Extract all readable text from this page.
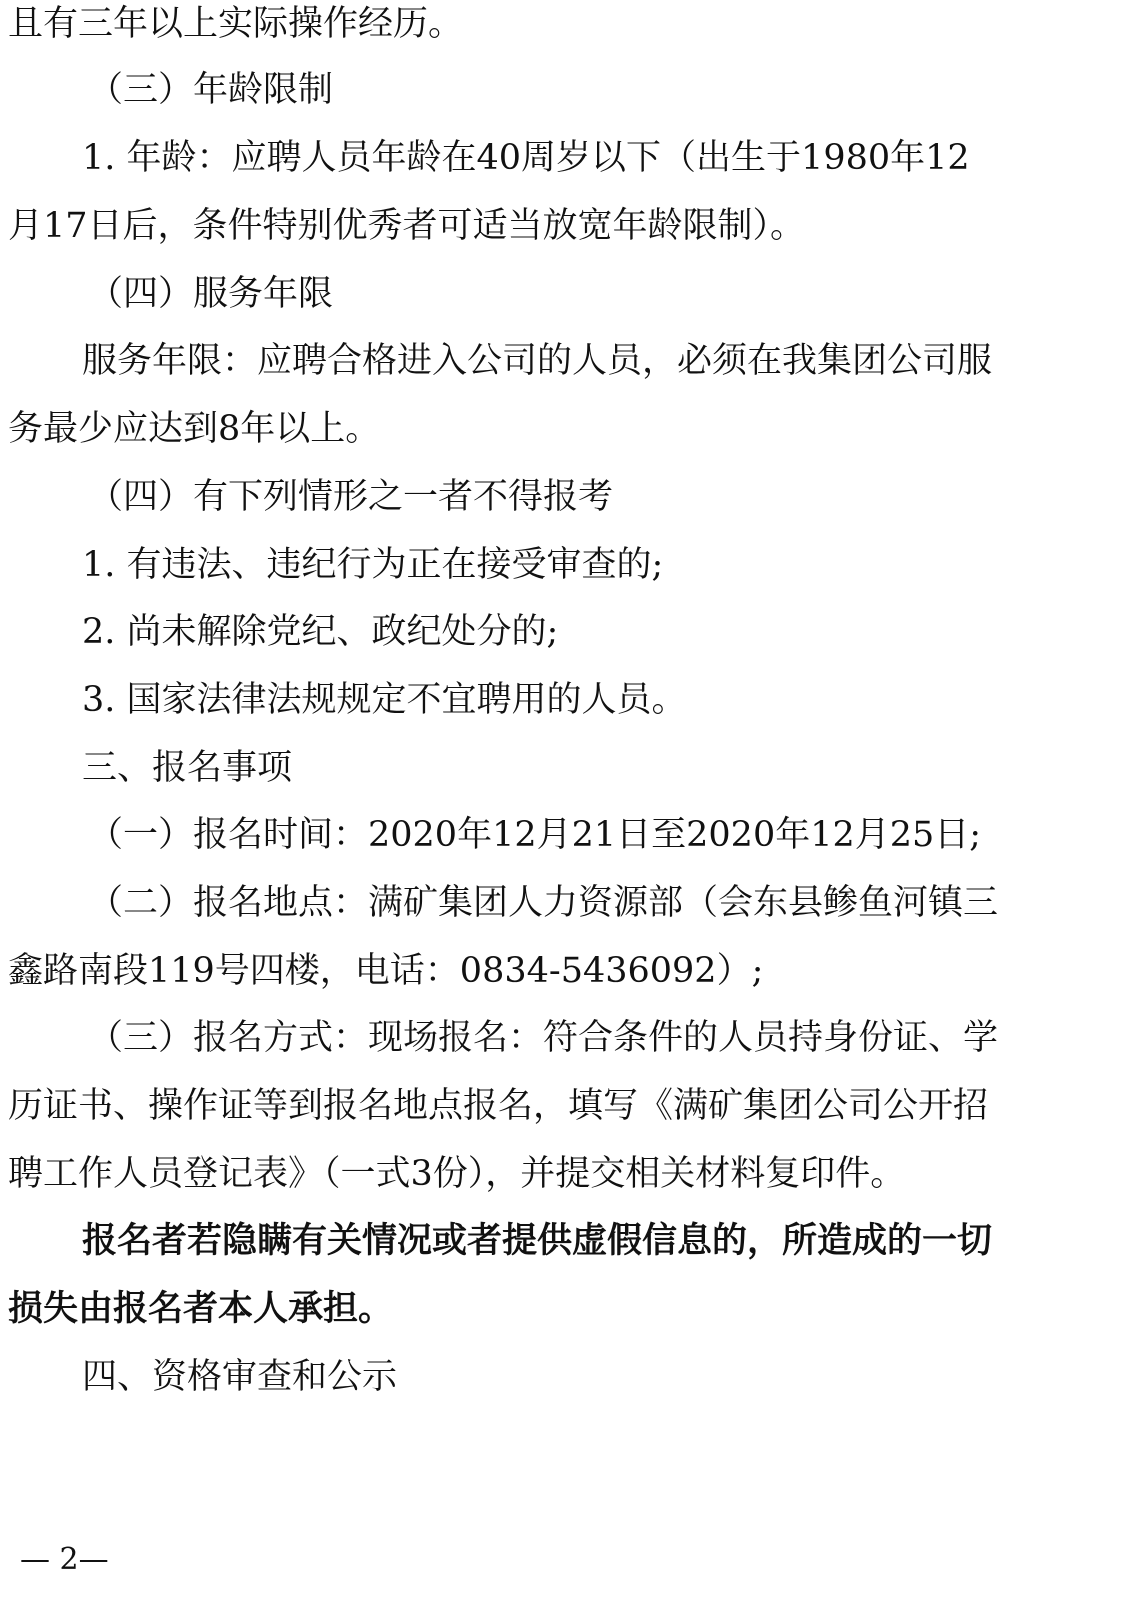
且有三年以上实际操作经历。
（三）年龄限制
1. 年龄：应聘人员年龄在40周岁以下（出生于1980年12
月17日后，条件特别优秀者可适当放宽年龄限制）。
（四）服务年限
服务年限：应聘合格进入公司的人员，必须在我集团公司服
务最少应达到8年以上。
（四）有下列情形之一者不得报考
1. 有违法、违纪行为正在接受审查的;
2. 尚未解除党纪、政纪处分的;
3. 国家法律法规规定不宜聘用的人员。
三、报名事项
（一）报名时间：2020年12月21日至2020年12月25日;
（二）报名地点：满矿集团人力资源部（会东县鲹鱼河镇三
鑫路南段119号四楼，电话：0834-5436092）;
（三）报名方式：现场报名：符合条件的人员持身份证、学
历证书、操作证等到报名地点报名，填写《满矿集团公司公开招
聘工作人员登记表》（一式3份），并提交相关材料复印件。
报名者若隐瞒有关情况或者提供虚假信息的，所造成的一切
损失由报名者本人承担。
四、资格审查和公示
— 2—
